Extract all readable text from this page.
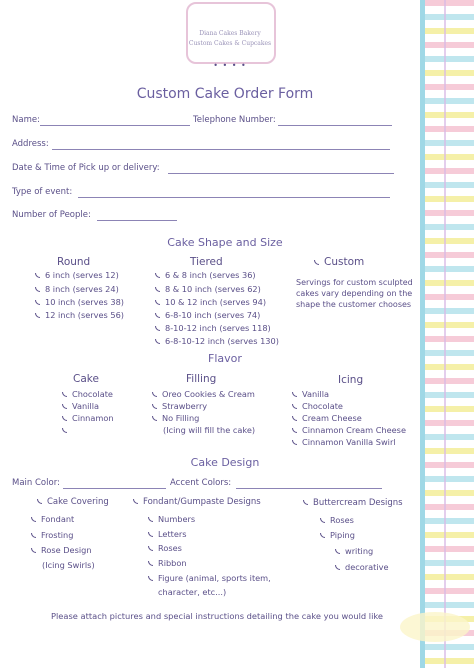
Diana Cakes Bakery
Custom Cakes & Cupcakes
• • • •
Custom Cake Order Form
Name:	Telephone Number:
Address:
Date & Time of Pick up or delivery:
Type of event:
Number of People:
Cake Shape and Size
Round
6 inch (serves 12)
8 inch (serves 24)
10 inch (serves 38)
12 inch (serves 56)
Tiered
6 & 8 inch (serves 36)
8 & 10 inch (serves 62)
10 & 12 inch (serves 94)
6-8-10 inch (serves 74)
8-10-12 inch (serves 118)
6-8-10-12 inch (serves 130)
Custom
Servings for custom sculpted cakes vary depending on the shape the customer chooses
Flavor
Cake
Chocolate
Vanilla
Cinnamon
Filling
Oreo Cookies & Cream
Strawberry
No Filling
(Icing will fill the cake)
Icing
Vanilla
Chocolate
Cream Cheese
Cinnamon Cream Cheese
Cinnamon Vanilla Swirl
Cake Design
Main Color:	Accent Colors:
Cake Covering
Fondant
Frosting
Rose Design
(Icing Swirls)
Fondant/Gumpaste Designs
Numbers
Letters
Roses
Ribbon
Figure (animal, sports item,
character, etc...)
Buttercream Designs
Roses
Piping
writing
decorative
Please attach pictures and special instructions detailing the cake you would like
